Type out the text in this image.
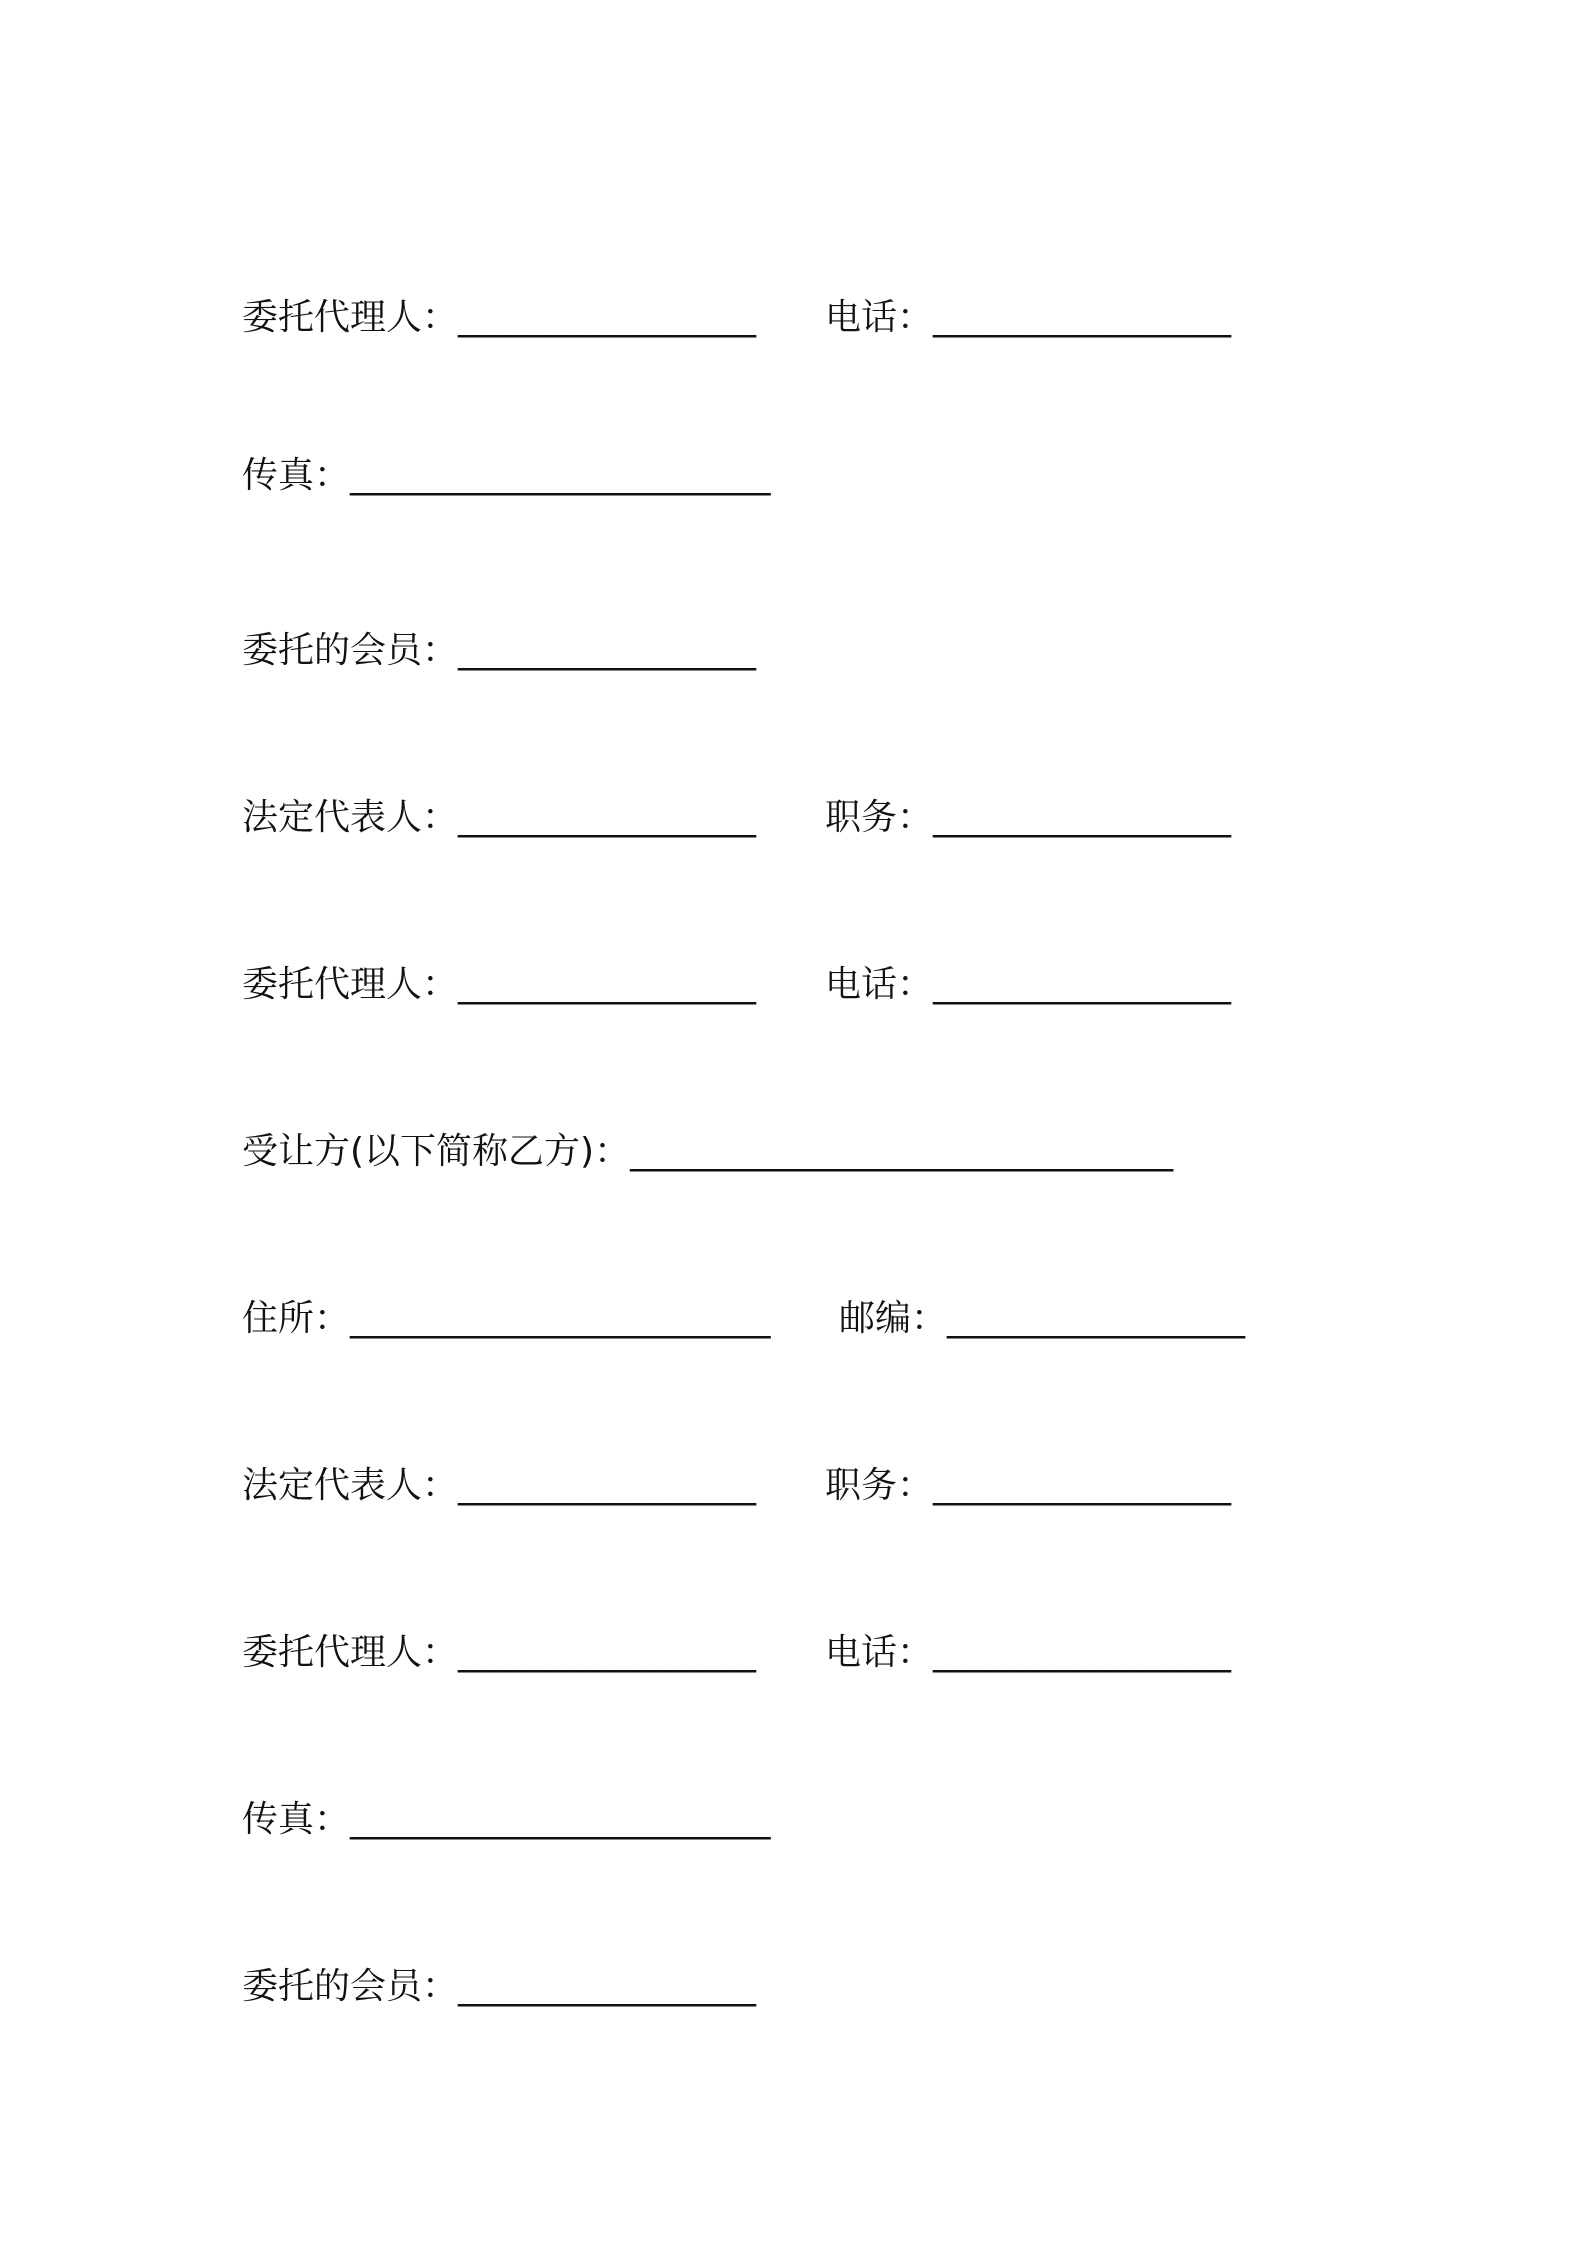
委托代理人：_________________ 电话：_________________
传真：________________________
委托的会员：_________________
法定代表人：_________________ 职务：_________________
委托代理人：_________________ 电话：_________________
受让方(以下简称乙方)：_______________________________
住所：________________________ 邮编：_________________
法定代表人：_________________ 职务：_________________
委托代理人：_________________ 电话：_________________
传真：________________________
委托的会员：_________________
